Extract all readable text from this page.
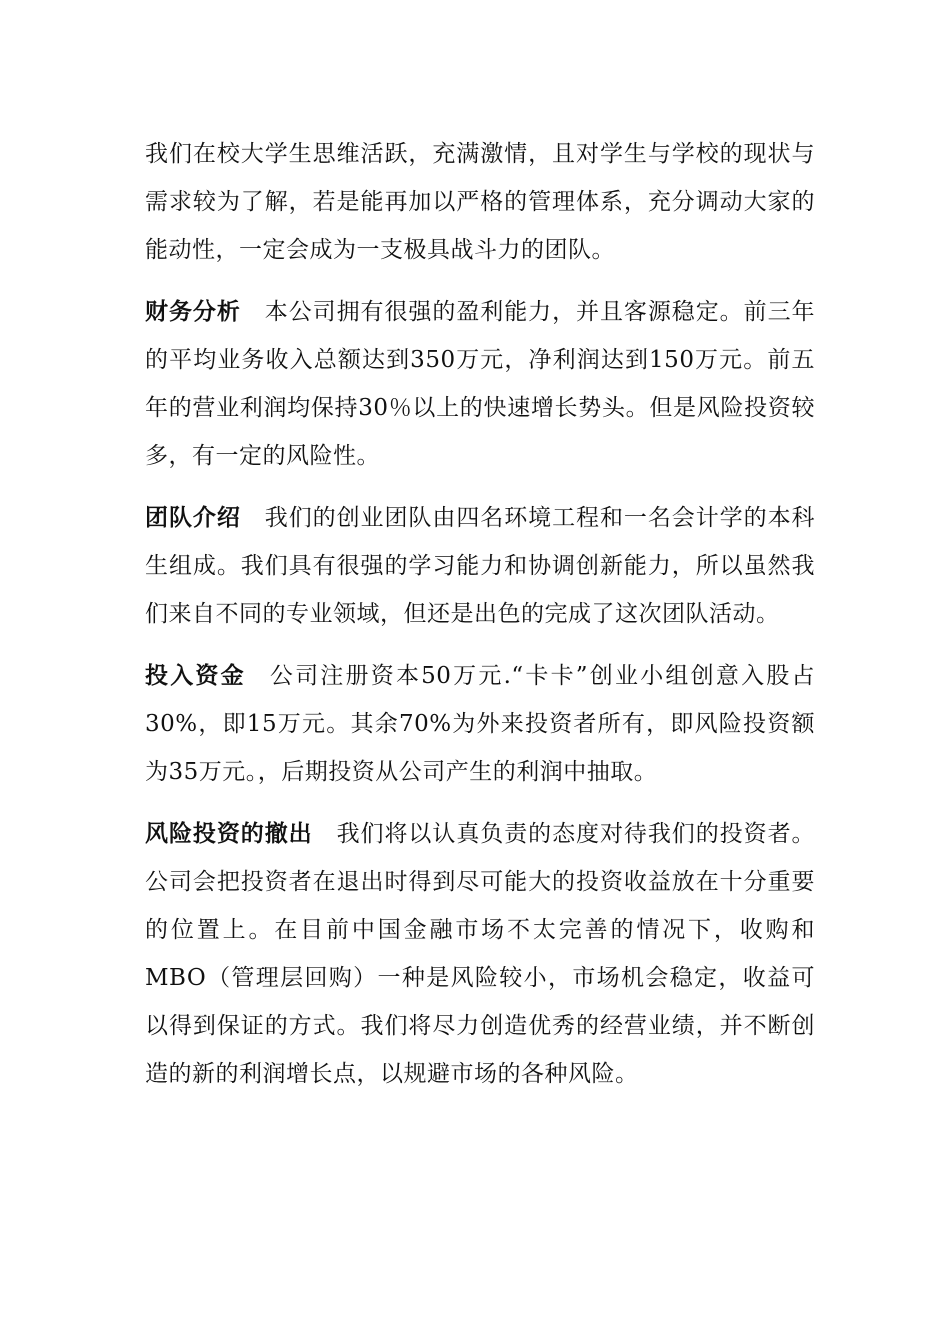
我们在校大学生思维活跃，充满激情，且对学生与学校的现状与需求较为了解，若是能再加以严格的管理体系，充分调动大家的能动性，一定会成为一支极具战斗力的团队。

财务分析 本公司拥有很强的盈利能力，并且客源稳定。前三年的平均业务收入总额达到350万元，净利润达到150万元。前五年的营业利润均保持30％以上的快速增长势头。但是风险投资较多，有一定的风险性。

团队介绍 我们的创业团队由四名环境工程和一名会计学的本科生组成。我们具有很强的学习能力和协调创新能力，所以虽然我们来自不同的专业领域，但还是出色的完成了这次团队活动。

投入资金 公司注册资本50万元.“卡卡”创业小组创意入股占30%，即15万元。其余70%为外来投资者所有，即风险投资额为35万元。，后期投资从公司产生的利润中抽取。

风险投资的撤出 我们将以认真负责的态度对待我们的投资者。公司会把投资者在退出时得到尽可能大的投资收益放在十分重要的位置上。在目前中国金融市场不太完善的情况下，收购和MBO（管理层回购）一种是风险较小，市场机会稳定，收益可以得到保证的方式。我们将尽力创造优秀的经营业绩，并不断创造的新的利润增长点，以规避市场的各种风险。
